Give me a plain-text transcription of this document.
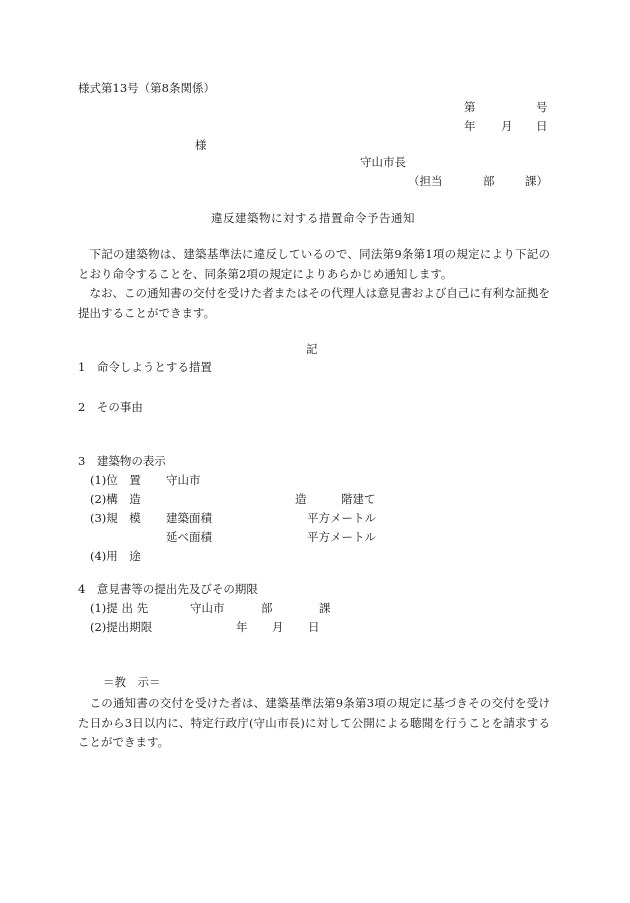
様式第13号（第8条関係）
第	号
年 月 日
様
守山市長
（担当	部	課）
違反建築物に対する措置命令予告通知
下記の建築物は、建築基準法に違反しているので、同法第9条第1項の規定により下記のとおり命令することを、同条第2項の規定によりあらかじめ通知します。
なお、この通知書の交付を受けた者またはその代理人は意見書および自己に有利な証拠を提出することができます。
記
1　命令しようとする措置
2　その事由
3　建築物の表示
(1)位　置 守山市
(2)構　造	造	階建て
(3)規　模 建築面積	平方メートル
延べ面積	平方メートル
(4)用　途
4　意見書等の提出先及びその期限
(1)提 出 先	守山市	部	課
(2)提出期限	年 月 日
＝教　示＝
この通知書の交付を受けた者は、建築基準法第9条第3項の規定に基づきその交付を受けた日から3日以内に、特定行政庁(守山市長)に対して公開による聴聞を行うことを請求することができます。
